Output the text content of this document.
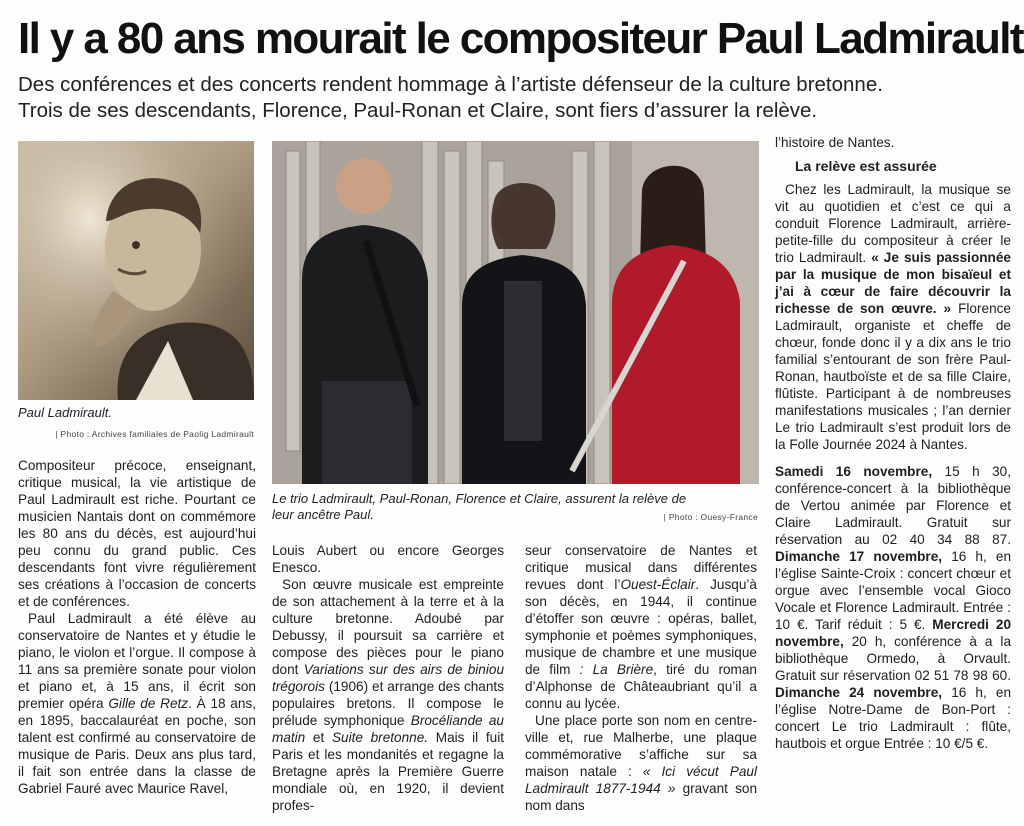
Il y a 80 ans mourait le compositeur Paul Ladmirault
Des conférences et des concerts rendent hommage à l’artiste défenseur de la culture bretonne.
Trois de ses descendants, Florence, Paul-Ronan et Claire, sont fiers d’assurer la relève.
Paul Ladmirault.
| Photo : Archives familiales de Paolig Ladmirault
Le trio Ladmirault, Paul-Ronan, Florence et Claire, assurent la relève de leur ancêtre Paul.	| Photo : Ouesy-France

Compositeur précoce, enseignant, critique musical, la vie artistique de Paul Ladmirault est riche. Pourtant ce musicien Nantais dont on commémore les 80 ans du décès, est aujourd’hui peu connu du grand public. Ces descendants font vivre régulièrement ses créations à l’occasion de concerts et de conférences.

Paul Ladmirault a été élève au conservatoire de Nantes et y étudie le piano, le violon et l’orgue. Il compose à 11 ans sa première sonate pour violon et piano et, à 15 ans, il écrit son premier opéra Gille de Retz. À 18 ans, en 1895, baccalauréat en poche, son talent est confirmé au conservatoire de musique de Paris. Deux ans plus tard, il fait son entrée dans la classe de Gabriel Fauré avec Maurice Ravel,

Louis Aubert ou encore Georges Enesco.

Son œuvre musicale est empreinte de son attachement à la terre et à la culture bretonne. Adoubé par Debussy, il poursuit sa carrière et compose des pièces pour le piano dont Variations sur des airs de biniou trégorois (1906) et arrange des chants populaires bretons. Il compose le prélude symphonique Brocéliande au matin et Suite bretonne. Mais il fuit Paris et les mondanités et regagne la Bretagne après la Première Guerre mondiale où, en 1920, il devient profes-

seur conservatoire de Nantes et critique musical dans différentes revues dont l’Ouest-Éclair. Jusqu’à son décès, en 1944, il continue d’étoffer son œuvre : opéras, ballet, symphonie et poèmes symphoniques, musique de chambre et une musique de film : La Brière, tiré du roman d’Alphonse de Châteaubriant qu’il a connu au lycée.

Une place porte son nom en centre-ville et, rue Malherbe, une plaque commémorative s’affiche sur sa maison natale : « Ici vécut Paul Ladmirault 1877-1944 » gravant son nom dans

l’histoire de Nantes.

La relève est assurée

Chez les Ladmirault, la musique se vit au quotidien et c’est ce qui a conduit Florence Ladmirault, arrière-petite-fille du compositeur à créer le trio Ladmirault. « Je suis passionnée par la musique de mon bisaïeul et j’ai à cœur de faire découvrir la richesse de son œuvre. » Florence Ladmirault, organiste et cheffe de chœur, fonde donc il y a dix ans le trio familial s’entourant de son frère Paul-Ronan, hautboïste et de sa fille Claire, flûtiste. Participant à de nombreuses manifestations musicales ; l’an dernier Le trio Ladmirault s’est produit lors de la Folle Journée 2024 à Nantes.

Samedi 16 novembre, 15 h 30, conférence-concert à la bibliothèque de Vertou animée par Florence et Claire Ladmirault. Gratuit sur réservation au 02 40 34 88 87. Dimanche 17 novembre, 16 h, en l’église Sainte-Croix : concert chœur et orgue avec l’ensemble vocal Gioco Vocale et Florence Ladmirault. Entrée : 10 €. Tarif réduit : 5 €. Mercredi 20 novembre, 20 h, conférence à a la bibliothèque Ormedo, à Orvault. Gratuit sur réservation 02 51 78 98 60. Dimanche 24 novembre, 16 h, en l’église Notre-Dame de Bon-Port : concert Le trio Ladmirault : flûte, hautbois et orgue Entrée : 10 €/5 €.
